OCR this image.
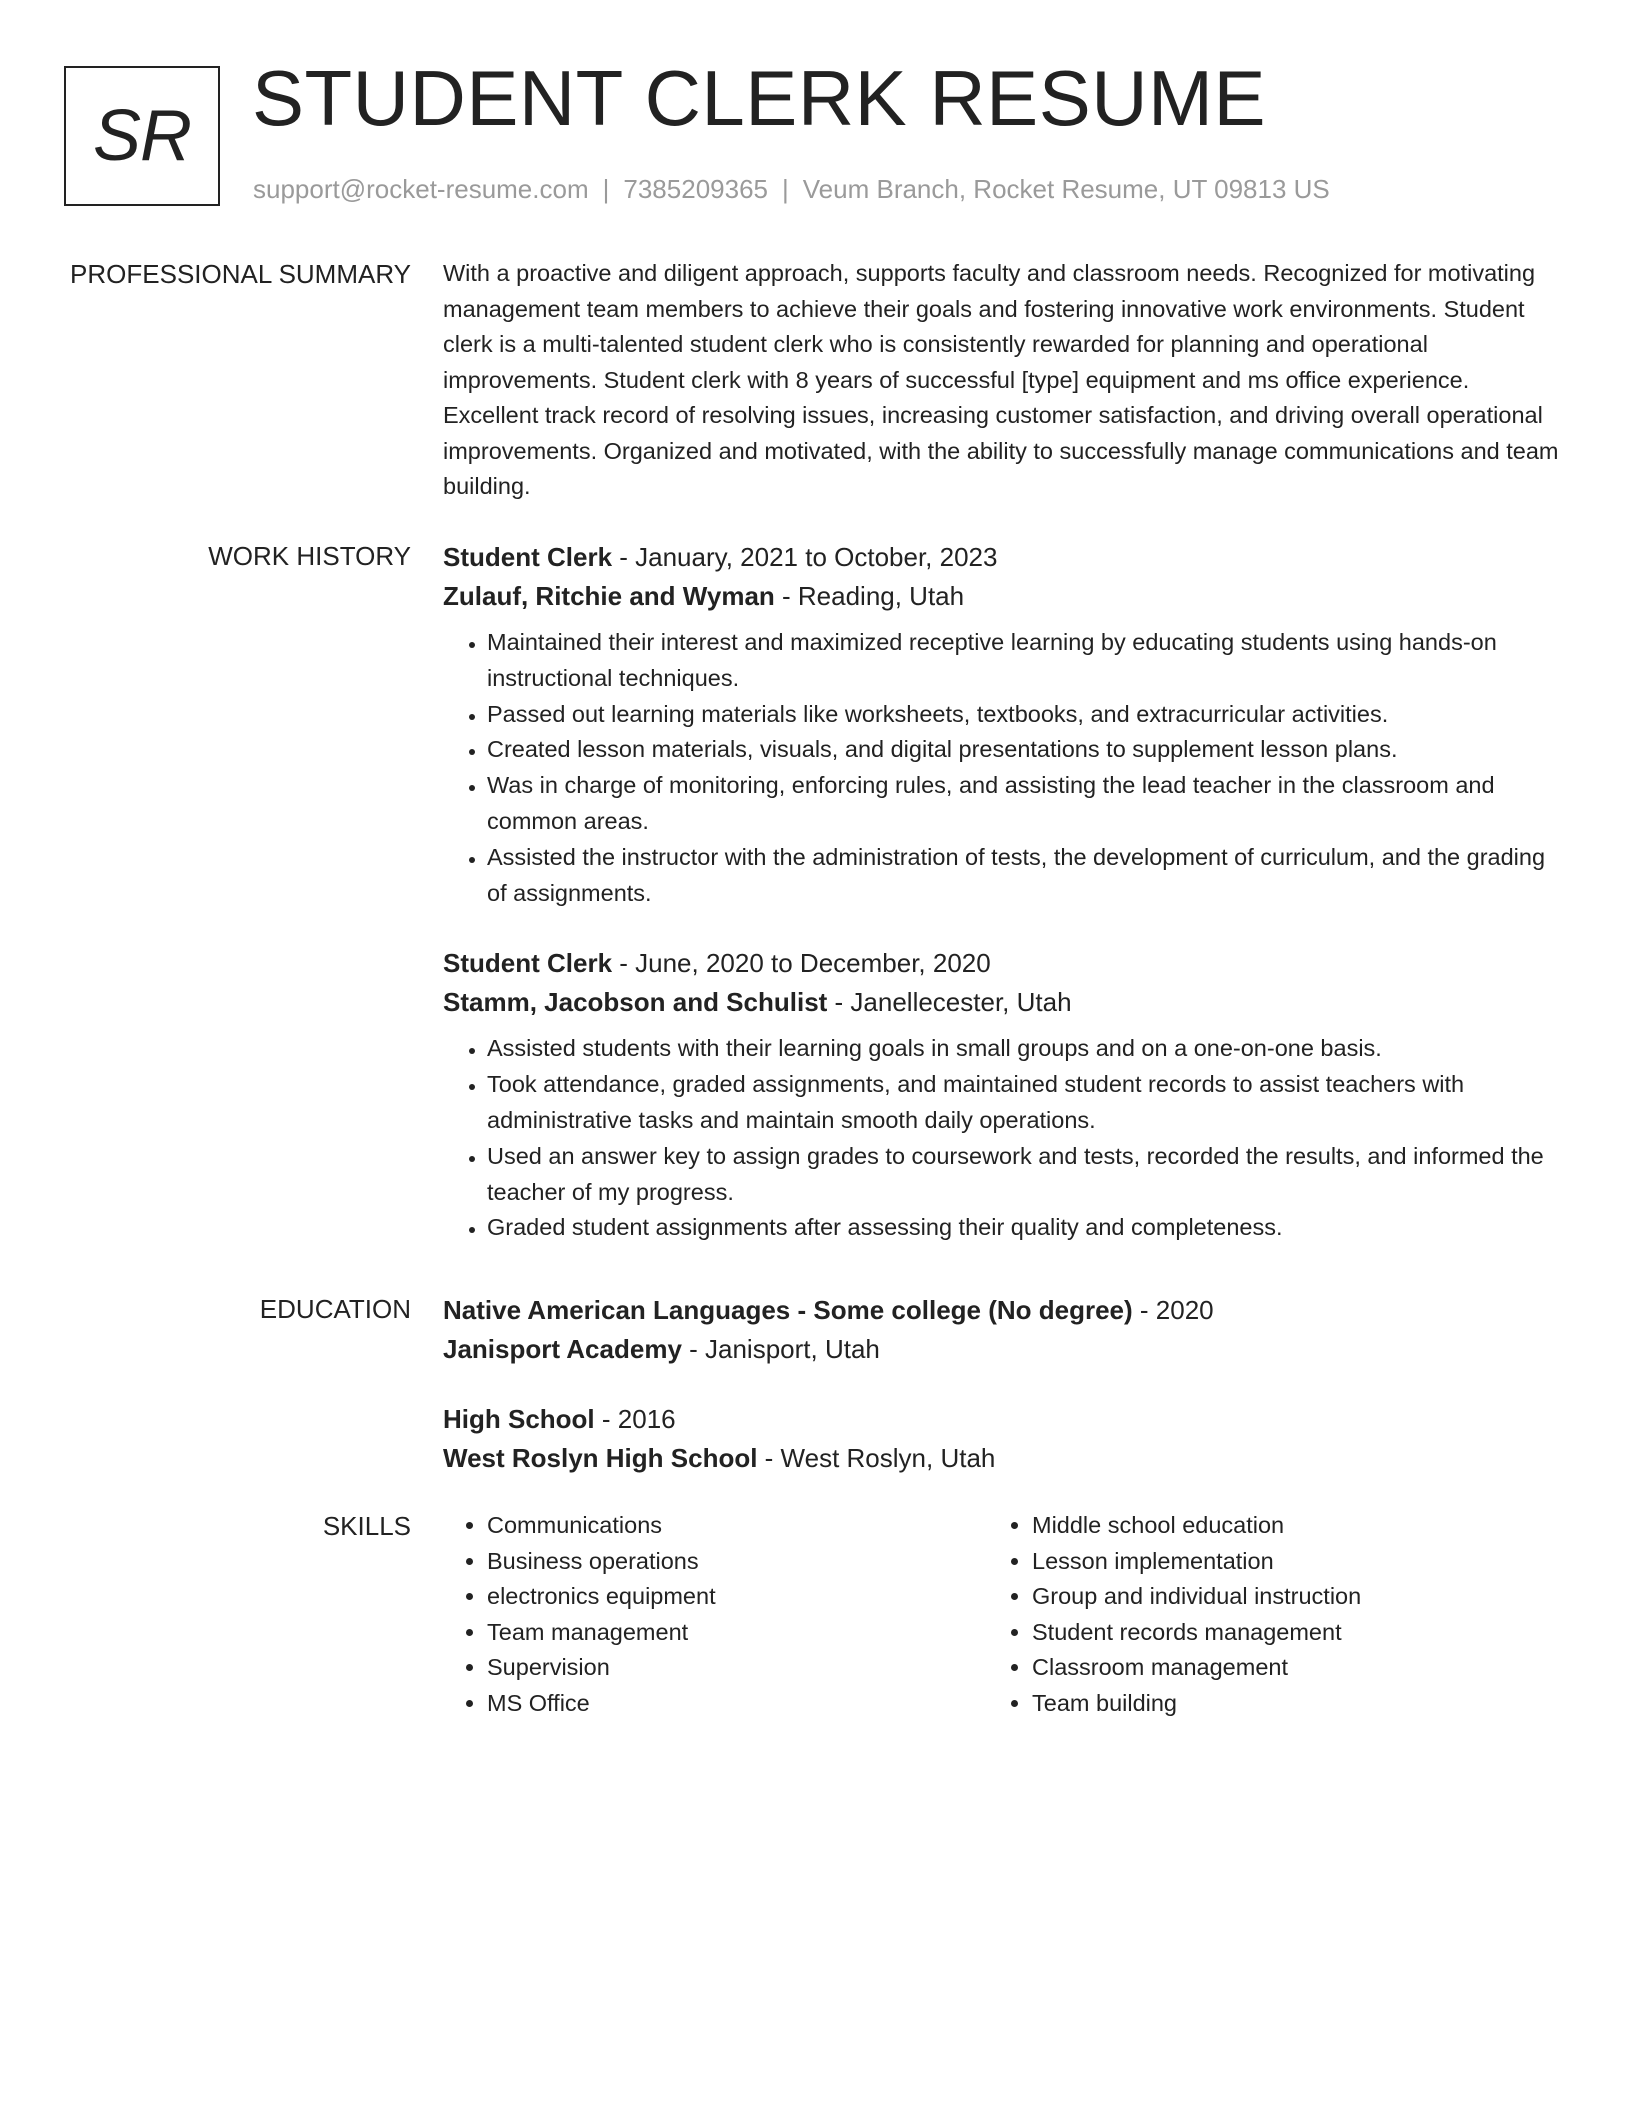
SR STUDENT CLERK RESUME
support@rocket-resume.com | 7385209365 | Veum Branch, Rocket Resume, UT 09813 US
PROFESSIONAL SUMMARY With a proactive and diligent approach, supports faculty and classroom needs. Recognized for motivating management team members to achieve their goals and fostering innovative work environments. Student clerk is a multi-talented student clerk who is consistently rewarded for planning and operational improvements. Student clerk with 8 years of successful [type] equipment and ms office experience. Excellent track record of resolving issues, increasing customer satisfaction, and driving overall operational improvements. Organized and motivated, with the ability to successfully manage communications and team building.

WORK HISTORY Student Clerk - January, 2021 to October, 2023
Zulauf, Ritchie and Wyman - Reading, Utah
• Maintained their interest and maximized receptive learning by educating students using hands-on instructional techniques.
• Passed out learning materials like worksheets, textbooks, and extracurricular activities.
• Created lesson materials, visuals, and digital presentations to supplement lesson plans.
• Was in charge of monitoring, enforcing rules, and assisting the lead teacher in the classroom and common areas.
• Assisted the instructor with the administration of tests, the development of curriculum, and the grading of assignments.
Student Clerk - June, 2020 to December, 2020
Stamm, Jacobson and Schulist - Janellecester, Utah
• Assisted students with their learning goals in small groups and on a one-on-one basis.
• Took attendance, graded assignments, and maintained student records to assist teachers with administrative tasks and maintain smooth daily operations.
• Used an answer key to assign grades to coursework and tests, recorded the results, and informed the teacher of my progress.
• Graded student assignments after assessing their quality and completeness.
EDUCATION Native American Languages - Some college (No degree) - 2020
Janisport Academy - Janisport, Utah
High School - 2016
West Roslyn High School - West Roslyn, Utah
SKILLS
•	Communications
• Business operations
• electronics equipment
• Team management
• Supervision
• MS Office
• Middle school education
• Lesson implementation
• Group and individual instruction
• Student records management
• Classroom management
• Team building
